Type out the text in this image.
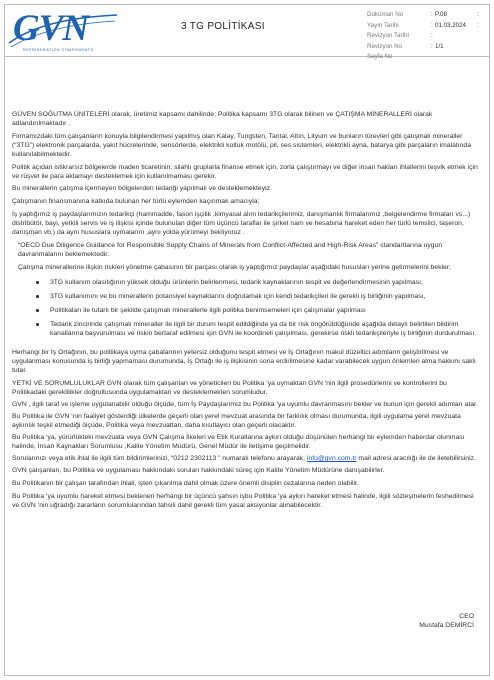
GVN
REFRIGERATION COMPONENTS
3 TG POLİTİKASI
Doküman No	: P.08	:
Yayın Tarihi	: 01.03.2024 :
Revizyon Tarihi	:
Revizyon No	: 1/1
Sayfa No

GÜVEN SOĞUTMA ÜNİTELERİ olarak, üretimiz kapsamı dahilinde; Politika kapsamı 3TG olarak bilinen ve ÇATIŞMA MİNERALLERİ olarak adlandırılmaktadır .

Firmamızdaki tüm çalışanların konuyla bilgilendirmesi yapılmış olan Kalay, Tungsten, Tantal, Altın, Lityum ve bunların türevleri gibi çatışmalı mineraller (“3TG”) elektronik parçalarda, yakıt hücrelerinde, sensörlerde, elektrikli koltuk motölü, pil, ses sistemleri, elektrikli ayna, batarya gibi parçaların imalatında kullanılabilmektedir.

Politik açıdan istikrarsız bölgelerde maden ticaretinin; silahlı gruplarla finanse etmek için, zorla çalıştırmayı ve diğer insan hakları ihlallerini teşvik etmek için ve rüşvet ile para aklamayı desteklemek için kullanılmaması gerekir.

Bu minerallerin çatışma içermeyen bölgelerden tedariği yapılmalı ve desteklemekteyiz.

Çatışmanın finansmanına katkıda bulunan her türlü eylemden kaçınmak amacıyla;

İş yaptığımız iş paydaşlarımızın tedarikçi (hammadde, fason işçilik ,kimyasal alım tedarikçilerimiz, danışmanlık firmalarımız ,belgelendirme firmaları vs...) distribütör, bayi, yetkili servis ve iş ilişkisi içinde bulunulan diğer tüm üçüncü taraflar ile şirket nam ve hesabına hareket eden her türlü temsilci, taşeron, danışman vb.) da aynı hususlara uymalarını ,aynı yolda yürümeyi bekliyoruz .

“OECD Due Diligence Guidance for Responsible Supply Chains of Minerals from Conflict-Affected and High-Risk Areas” standartlarına uygun davranmalarını beklemektedir.

Çatışma minerallerine ilişkin riskleri yönetme çabasının bir parçası olarak iş yaptığımız paydaşlar aşağıdaki hususları yerine getirmelerini bekler;

3TG kullanım olasılığının yüksek olduğu ürünlerin belirlenmesi, tedarik kaynaklarının tespit ve değerlendirmesinin yapılması,
3TG kullanımını ve bu minerallerin potansiyel kaynaklarını doğrulamak için kendi tedarikçileri ile gerekli iş birliğinin yapılması,
Politikaları ile tutarlı bir şekilde çatışmalı minerallerle ilgili politika benimsemeleri için çalışmalar yapılması
Tedarik zincirinde çatışmalı mineraller ile ilgili bir durum tespit edildiğinde ya da bir risk öngörüldüğünde aşağıda detaylı belirtilen bildirim kanallarına başvurulması ve riskin bertaraf edilmesi için GVN ile koordineli çalışılması, gerekirse riskli tedarikçileriyle iş birliğinin durdurulması.

Herhangi bir İş Ortağının, bu politikaya uyma çabalarının yetersiz olduğunu tespit etmesi ve İş Ortağının makul düzeltici adımların geliştirilmesi ve uygulanması konusunda iş birliği yapmaması durumunda, İş Ortağı ile iş ilişkisinin sona erdirilmesine kadar varabilecek uygun önlemleri alma hakkını saklı tutar.

YETKİ VE SORUMLULUKLAR GVN olarak tüm çalışanları ve yöneticileri bu Politika ‘ya uymaktan GVN ‘nin ilgili prosedürlerini ve kontrollerini bu Politikadaki gereklilikler doğrultusunda uygulamaktan ve desteklemekten sorumludur.

GVN , ilgili taraf ve işleme uygulanabilir olduğu ölçüde, tüm İş Paydaşlarımız bu Politika ‘ya uyumlu davranmasını bekler ve bunun için gerekli adımları atar.

Bu Politika ile GVN ‘nin faaliyet gösterdiği ülkelerde geçerli olan yerel mevzuat arasında bir farklılık olması durumunda, ilgili uygulama yerel mevzuata aykırılık teşkil etmediği ölçüde, Politika veya mevzuattan, daha kısıtlayıcı olan geçerli olacaktır.

Bu Politika ‘ya, yürürlükteki mevzuata veya GVN Çalışma İlkeleri ve Etik Kurallarına aykırı olduğu düşünülen herhangi bir eylemden haberdar olunması halinde, İnsan Kaynakları Sorumlusu ,Kalite Yönetim Müdürü, Genel Müdür ile iletişime geçilmelidir.

Sorularınızı veya etik ihlal ile ilgili tüm bildirimlerinizi, “0212 2302113 ” numaralı telefonu arayarak, info@gvn.com.tr mail adresi aracılığı ile de iletebilirsiniz.

GVN çalışanları, bu Politika ve uygulaması hakkındaki soruları hakkındaki süreç için Kalite Yönetim Müdürüne danışabilirler.

Bu Politikanın bir çalışan tarafından ihlali, işten çıkarılma dahil olmak üzere önemli disiplin cezalarına neden olabilir.

Bu Politika ‘ya uyumlu hareket etmesi beklenen herhangi bir üçüncü şahsın işbu Politika ‘ya aykırı hareket etmesi halinde, ilgili sözleşmelerin feshedilmesi ve GVN ‘nin uğradığı zararların sorumlularından tahsili dahil gerekli tüm yasal aksiyonlar alınabilecektir.

CEO
Mustafa DEMİRCİ
